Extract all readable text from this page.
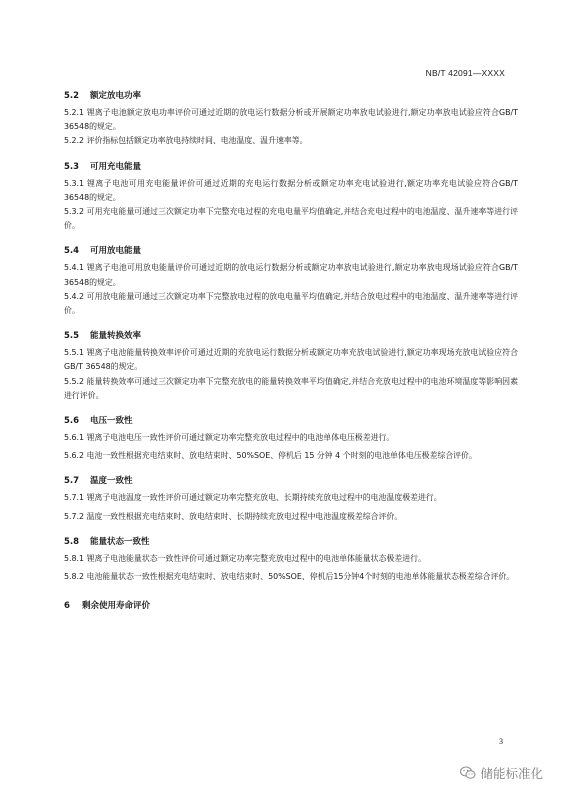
NB/T 42091—XXXX
5.2 额定放电功率

5.2.1 锂离子电池额定放电功率评价可通过近期的放电运行数据分析或开展额定功率放电试验进行,额定功率放电试验应符合GB/T 36548的规定。

5.2.2 评价指标包括额定功率放电持续时间、电池温度、温升速率等。

5.3 可用充电能量

5.3.1 锂离子电池可用充电能量评价可通过近期的充电运行数据分析或额定功率充电试验进行,额定功率充电试验应符合GB/T 36548的规定。

5.3.2 可用充电能量可通过三次额定功率下完整充电过程的充电电量平均值确定,并结合充电过程中的电池温度、温升速率等进行评价。

5.4 可用放电能量

5.4.1 锂离子电池可用放电能量评价可通过近期的放电运行数据分析或额定功率放电试验进行,额定功率放电现场试验应符合GB/T 36548的规定。

5.4.2 可用放电能量可通过三次额定功率下完整放电过程的放电电量平均值确定,并结合放电过程中的电池温度、温升速率等进行评价。

5.5 能量转换效率

5.5.1 锂离子电池能量转换效率评价可通过近期的充放电运行数据分析或额定功率充放电试验进行,额定功率现场充放电试验应符合GB/T 36548的规定。

5.5.2 能量转换效率可通过三次额定功率下完整充放电的能量转换效率平均值确定,并结合充放电过程中的电池环境温度等影响因素进行评价。

5.6 电压一致性

5.6.1 锂离子电池电压一致性评价可通过额定功率完整充放电过程中的电池单体电压极差进行。

5.6.2 电池一致性根据充电结束时、放电结束时、50%SOE、停机后 15 分钟 4 个时刻的电池单体电压极差综合评价。

5.7 温度一致性

5.7.1 锂离子电池温度一致性评价可通过额定功率完整充放电、长期持续充放电过程中的电池温度极差进行。

5.7.2 温度一致性根据充电结束时、放电结束时、长期持续充放电过程中电池温度极差综合评价。

5.8 能量状态一致性

5.8.1 锂离子电池能量状态一致性评价可通过额定功率完整充放电过程中的电池单体能量状态极差进行。

5.8.2 电池能量状态一致性根据充电结束时、放电结束时、50%SOE、停机后15分钟4个时刻的电池单体能量状态极差综合评价。

6 剩余使用寿命评价
3
储能标准化
